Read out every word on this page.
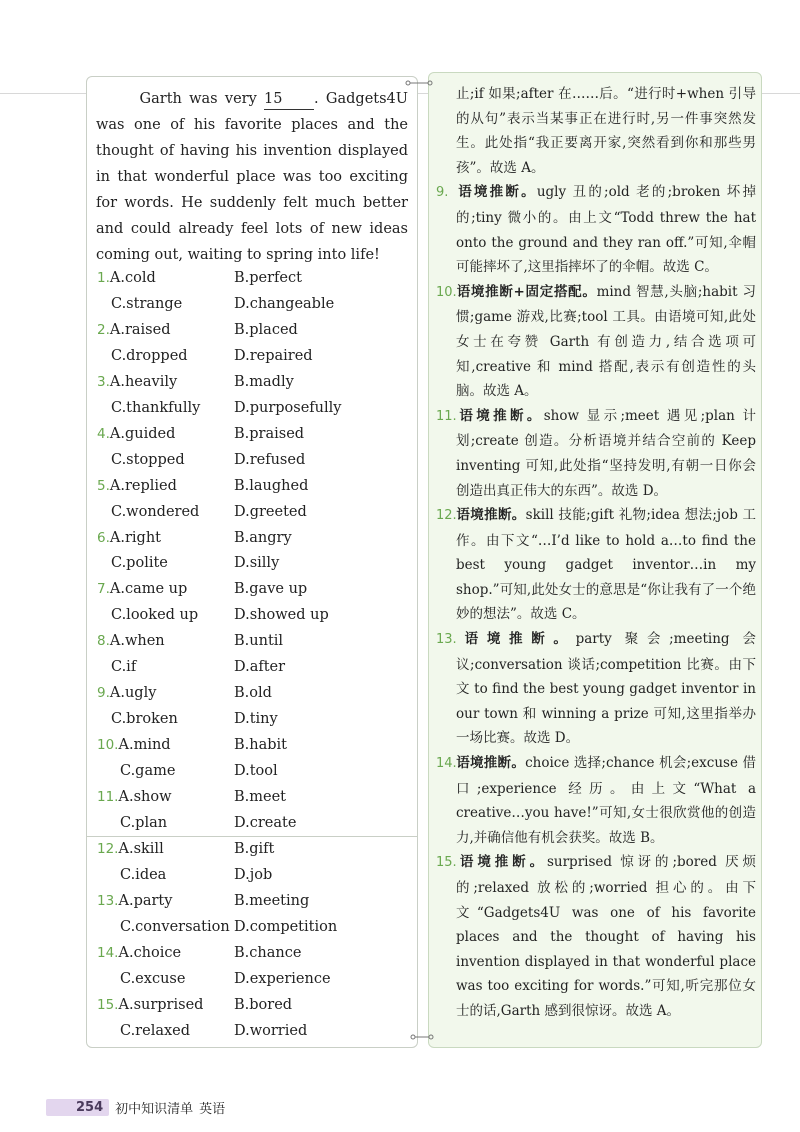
Garth was very 15 . Gadgets4U was one of his favorite places and the thought of having his invention displayed in that wonderful place was too exciting for words. He suddenly felt much better and could already feel lots of new ideas coming out, waiting to spring into life!
1.A.cold	B.perfect
C.strange	D.changeable
2.A.raised	B.placed
C.dropped	D.repaired
3.A.heavily	B.madly
C.thankfully D.purposefully
4.A.guided	B.praised
C.stopped	D.refused
5.A.replied	B.laughed
C.wondered D.greeted
6.A.right	B.angry
C.polite	D.silly
7.A.came up	B.gave up
C.looked up D.showed up
8.A.when	B.until
C.if	D.after
9.A.ugly	B.old
C.broken	D.tiny
10.A.mind	B.habit
C.game	D.tool
11.A.show	B.meet
C.plan	D.create
12.A.skill	B.gift
C.idea	D.job
13.A.party	B.meeting
C.conversation D.competition
14.A.choice	B.chance
C.excuse	D.experience
15.A.surprised B.bored
C.relaxed	D.worried
止;if 如果;after 在……后。“进行时+when 引导的从句”表示当某事正在进行时,另一件事突然发生。此处指“我正要离开家,突然看到你和那些男孩”。故选 A。
9. 语境推断。ugly 丑的;old 老的;broken 坏掉的;tiny 微小的。由上文“Todd threw the hat onto the ground and they ran off.”可知,伞帽可能摔坏了,这里指摔坏了的伞帽。故选 C。
10.语境推断+固定搭配。mind 智慧,头脑;habit 习惯;game 游戏,比赛;tool 工具。由语境可知,此处女士在夸赞 Garth 有创造力,结合选项可知,creative 和 mind 搭配,表示有创造性的头脑。故选 A。
11.语境推断。show 显示;meet 遇见;plan 计划;create 创造。分析语境并结合空前的 Keep inventing 可知,此处指“坚持发明,有朝一日你会创造出真正伟大的东西”。故选 D。
12.语境推断。skill 技能;gift 礼物;idea 想法;job 工作。由下文“…I’d like to hold a…to find the best young gadget inventor…in my shop.”可知,此处女士的意思是“你让我有了一个绝妙的想法”。故选 C。
13.语境推断。party 聚会;meeting 会议;conversation 谈话;competition 比赛。由下文 to find the best young gadget inventor in our town 和 winning a prize 可知,这里指举办一场比赛。故选 D。
14.语境推断。choice 选择;chance 机会;excuse 借口;experience 经历。由上文“What a creative…you have!”可知,女士很欣赏他的创造力,并确信他有机会获奖。故选 B。
15.语境推断。surprised 惊讶的;bored 厌烦的;relaxed 放松的;worried 担心的。由下文“Gadgets4U was one of his favorite places and the thought of having his invention displayed in that wonderful place was too exciting for words.”可知,听完那位女士的话,Garth 感到很惊讶。故选 A。
254 初中知识清单 英语
